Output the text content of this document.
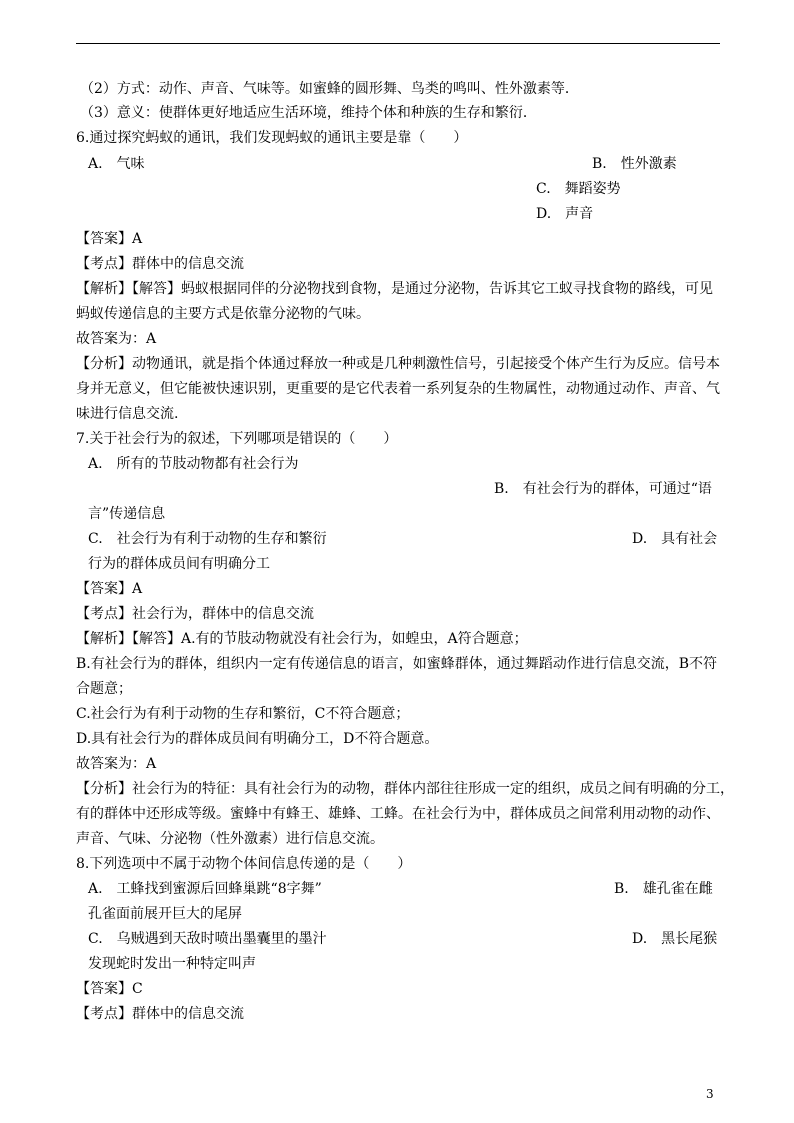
（2）方式：动作、声音、气味等。如蜜蜂的圆形舞、鸟类的鸣叫、性外激素等．
（3）意义：使群体更好地适应生活环境，维持个体和种族的生存和繁衍．
6.通过探究蚂蚁的通讯，我们发现蚂蚁的通讯主要是靠（　　）
A.　气味	B.　性外激素
C.　舞蹈姿势
D.　声音
【答案】A
【考点】群体中的信息交流
【解析】【解答】蚂蚁根据同伴的分泌物找到食物，是通过分泌物，告诉其它工蚁寻找食物的路线，可见
蚂蚁传递信息的主要方式是依靠分泌物的气味。
故答案为：A
【分析】动物通讯，就是指个体通过释放一种或是几种刺激性信号，引起接受个体产生行为反应。信号本
身并无意义，但它能被快速识别，更重要的是它代表着一系列复杂的生物属性，动物通过动作、声音、气
味进行信息交流.
7.关于社会行为的叙述，下列哪项是错误的（　　）
A.　所有的节肢动物都有社会行为
B.　有社会行为的群体，可通过“语
言”传递信息
C.　社会行为有利于动物的生存和繁衍	D.　具有社会
行为的群体成员间有明确分工
【答案】A
【考点】社会行为，群体中的信息交流
【解析】【解答】A.有的节肢动物就没有社会行为，如蝗虫，A符合题意；
B.有社会行为的群体，组织内一定有传递信息的语言，如蜜蜂群体，通过舞蹈动作进行信息交流，B不符
合题意；
C.社会行为有利于动物的生存和繁衍，C不符合题意；
D.具有社会行为的群体成员间有明确分工，D不符合题意。
故答案为：A
【分析】社会行为的特征：具有社会行为的动物，群体内部往往形成一定的组织，成员之间有明确的分工，
有的群体中还形成等级。蜜蜂中有蜂王、雄蜂、工蜂。在社会行为中，群体成员之间常利用动物的动作、
声音、气味、分泌物（性外激素）进行信息交流。
8.下列选项中不属于动物个体间信息传递的是（　　）
A.　工蜂找到蜜源后回蜂巢跳“8字舞”	B.　雄孔雀在雌
孔雀面前展开巨大的尾屏
C.　乌贼遇到天敌时喷出墨囊里的墨汁	D.　黑长尾猴
发现蛇时发出一种特定叫声
【答案】C
【考点】群体中的信息交流
3
